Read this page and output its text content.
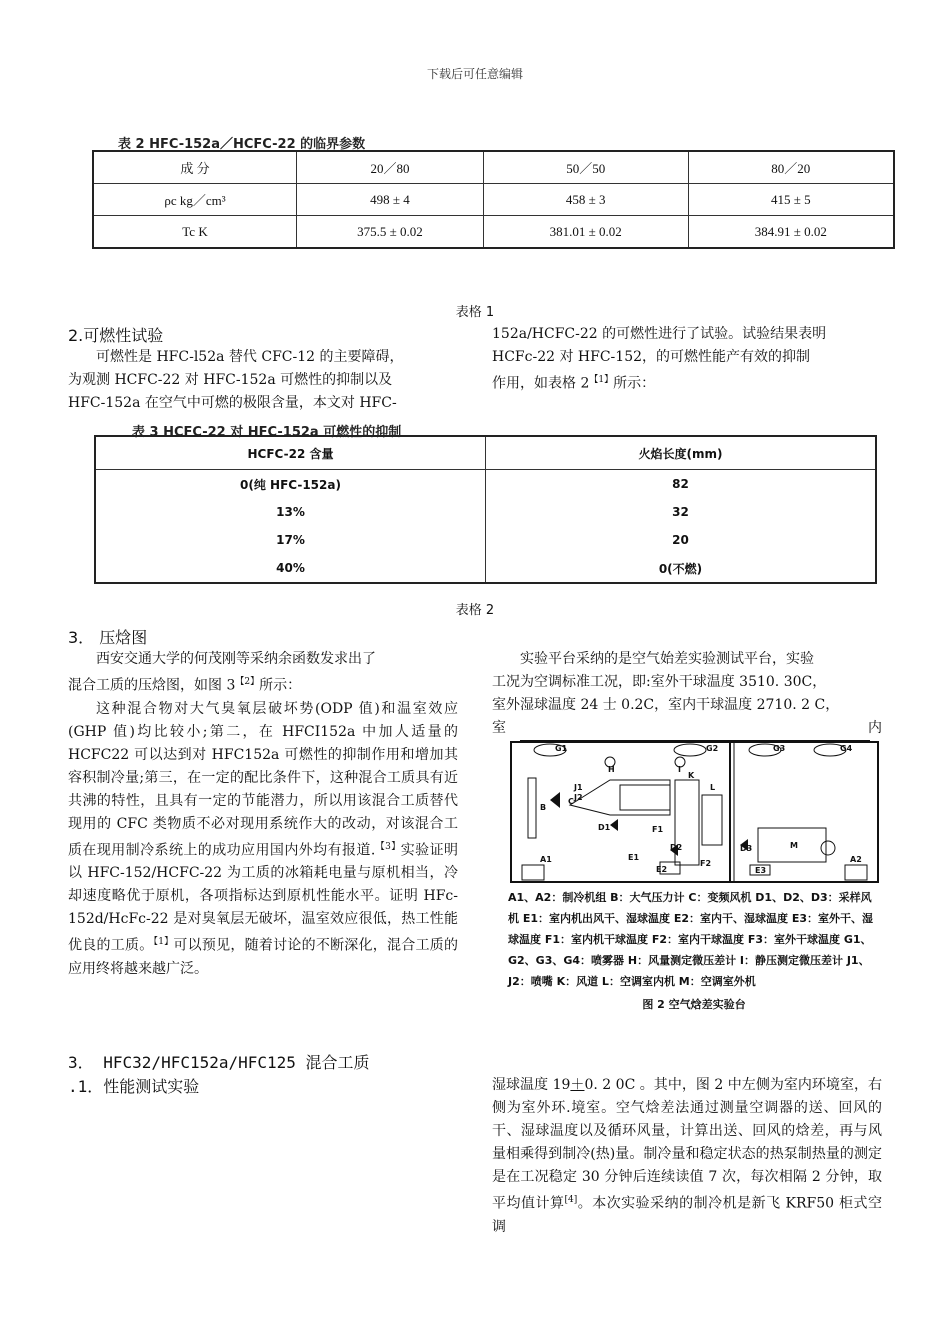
下载后可任意编辑
表 2 HFC-152a／HCFC-22 的临界参数
成 分	20／80	50／50	80／20
ρc kg／cm³	498 ± 4	458 ± 3	415 ± 5
Tc K	375.5 ± 0.02	381.01 ± 0.02	384.91 ± 0.02
表格 1
2.可燃性试验

可燃性是 HFC-l52a 替代 CFC-12 的主要障碍，

为观测 HCFC-22 对 HFC-152a 可燃性的抑制以及

HFC-152a 在空气中可燃的极限含量，本文对 HFC-

152a/HCFC-22 的可燃性进行了试验。试验结果表明

HCFc-22 对 HFC-152，的可燃性能产有效的抑制

作用，如表格 $2^{【1】}$所示：

表 3 HCFC-22 对 HFC-152a 可燃性的抑制
HCFC-22 含量	火焰长度(mm)
0(纯 HFC-152a)	82
13%	32
17%	20
40%	0(不燃)
表格 2
3． 压焓图

西安交通大学的何茂刚等采纳余函数发求出了

混合工质的压焓图，如图 $3^{【2】}$所示：

这种混合物对大气臭氧层破坏势(ODP 值)和温室效应(GHP 值)均比较小;第二，在 HFCI152a 中加人适量的 HCFC22 可以达到对 HFC152a 可燃性的抑制作用和增加其容积制冷量;第三，在一定的配比条件下，这种混合工质具有近共沸的特性，且具有一定的节能潜力，所以用该混合工质替代现用的 CFC 类物质不必对现用系统作大的改动，对该混合工质在现用制冷系统上的成功应用国内外均有报道.$^{【3】}$实验证明以 HFC-152/HCFC-22 为工质的冰箱耗电量与原机相当，冷却速度略优于原机，各项指标达到原机性能水平。证明 HFc-152d/HcFc-22 是对臭氧层无破坏，温室效应很低，热工性能优良的工质。$^{【1】}$可以预见，随着讨论的不断深化，混合工质的应用终将越来越广泛。

实验平台采纳的是空气始差实验测试平台，实验

工况为空调标准工况，即:室外干球温度 3510. 30C，

室外湿球温度 24 士 0.2C，室内干球温度 2710. 2 C，

室	内

G1	G2	G3	G4
A1	A2
B
C
H	I
J1
J2
K
L
D1	F1
E1
E2
D2	D3
E3
M
F2
A1、A2：制冷机组 B：大气压力计 C：变频风机 D1、D2、D3：采样风机 E1：室内机出风干、湿球温度 E2：室内干、湿球温度 E3：室外干、湿球温度 F1：室内机干球温度 F2：室内干球温度 F3：室外干球温度 G1、G2、G3、G4：喷雾器 H：风量测定微压差计 I：静压测定微压差计 J1、J2：喷嘴 K：风道 L：空调室内机 M：空调室外机
图 2 空气焓差实验台
3． HFC32/HFC152a/HFC125 混合工质
.1．性能测试实验	湿球温度 19＋0. 2 0C 。其中，图 2 中左侧为室内环境室，右侧为室外环.境室。空气焓差法通过测量空调器的送、回风的干、湿球温度以及循环风量，计算出送、回风的焓差，再与风量相乘得到制冷(热)量。制冷量和稳定状态的热泵制热量的测定是在工况稳定 30 分钟后连续读值 7 次，每次相隔 2 分钟，取平均值计算[4]。本次实验采纳的制冷机是新飞 KRF50 柜式空调
